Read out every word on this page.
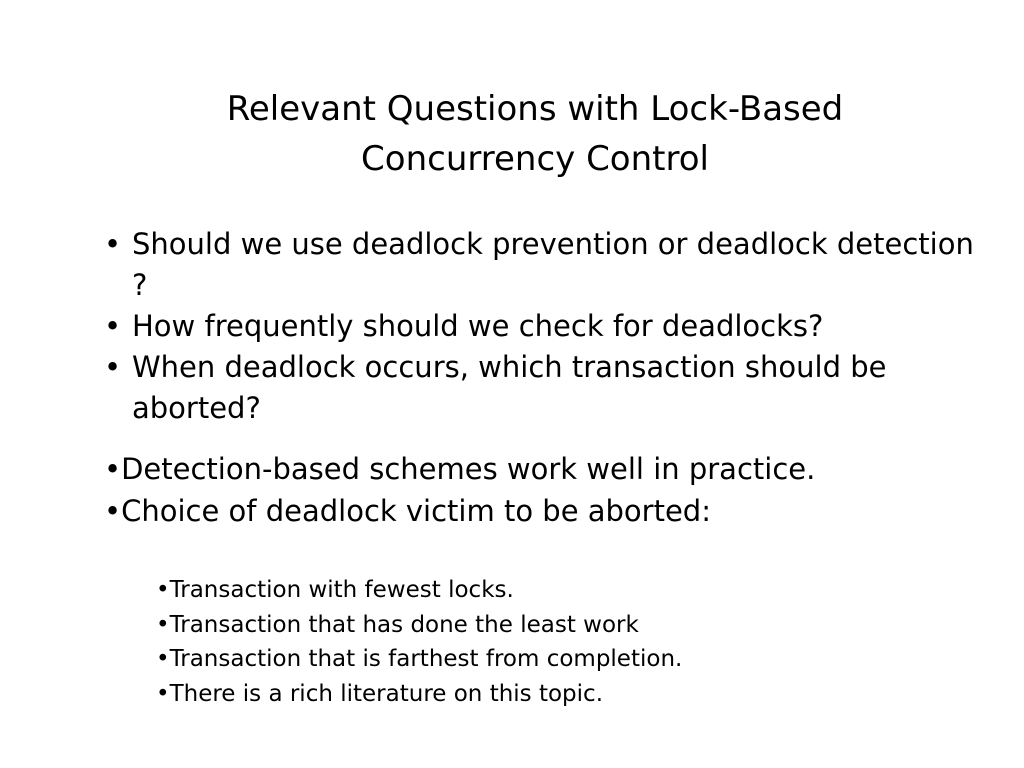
Relevant Questions with Lock-Based
Concurrency Control
• Should we use deadlock prevention or deadlock detection ?
• How frequently should we check for deadlocks?
• When deadlock occurs, which transaction should be aborted?
•Detection-based schemes work well in practice.
•Choice of deadlock victim to be aborted:
•Transaction with fewest locks.
•Transaction that has done the least work
•Transaction that is farthest from completion.
•There is a rich literature on this topic.
